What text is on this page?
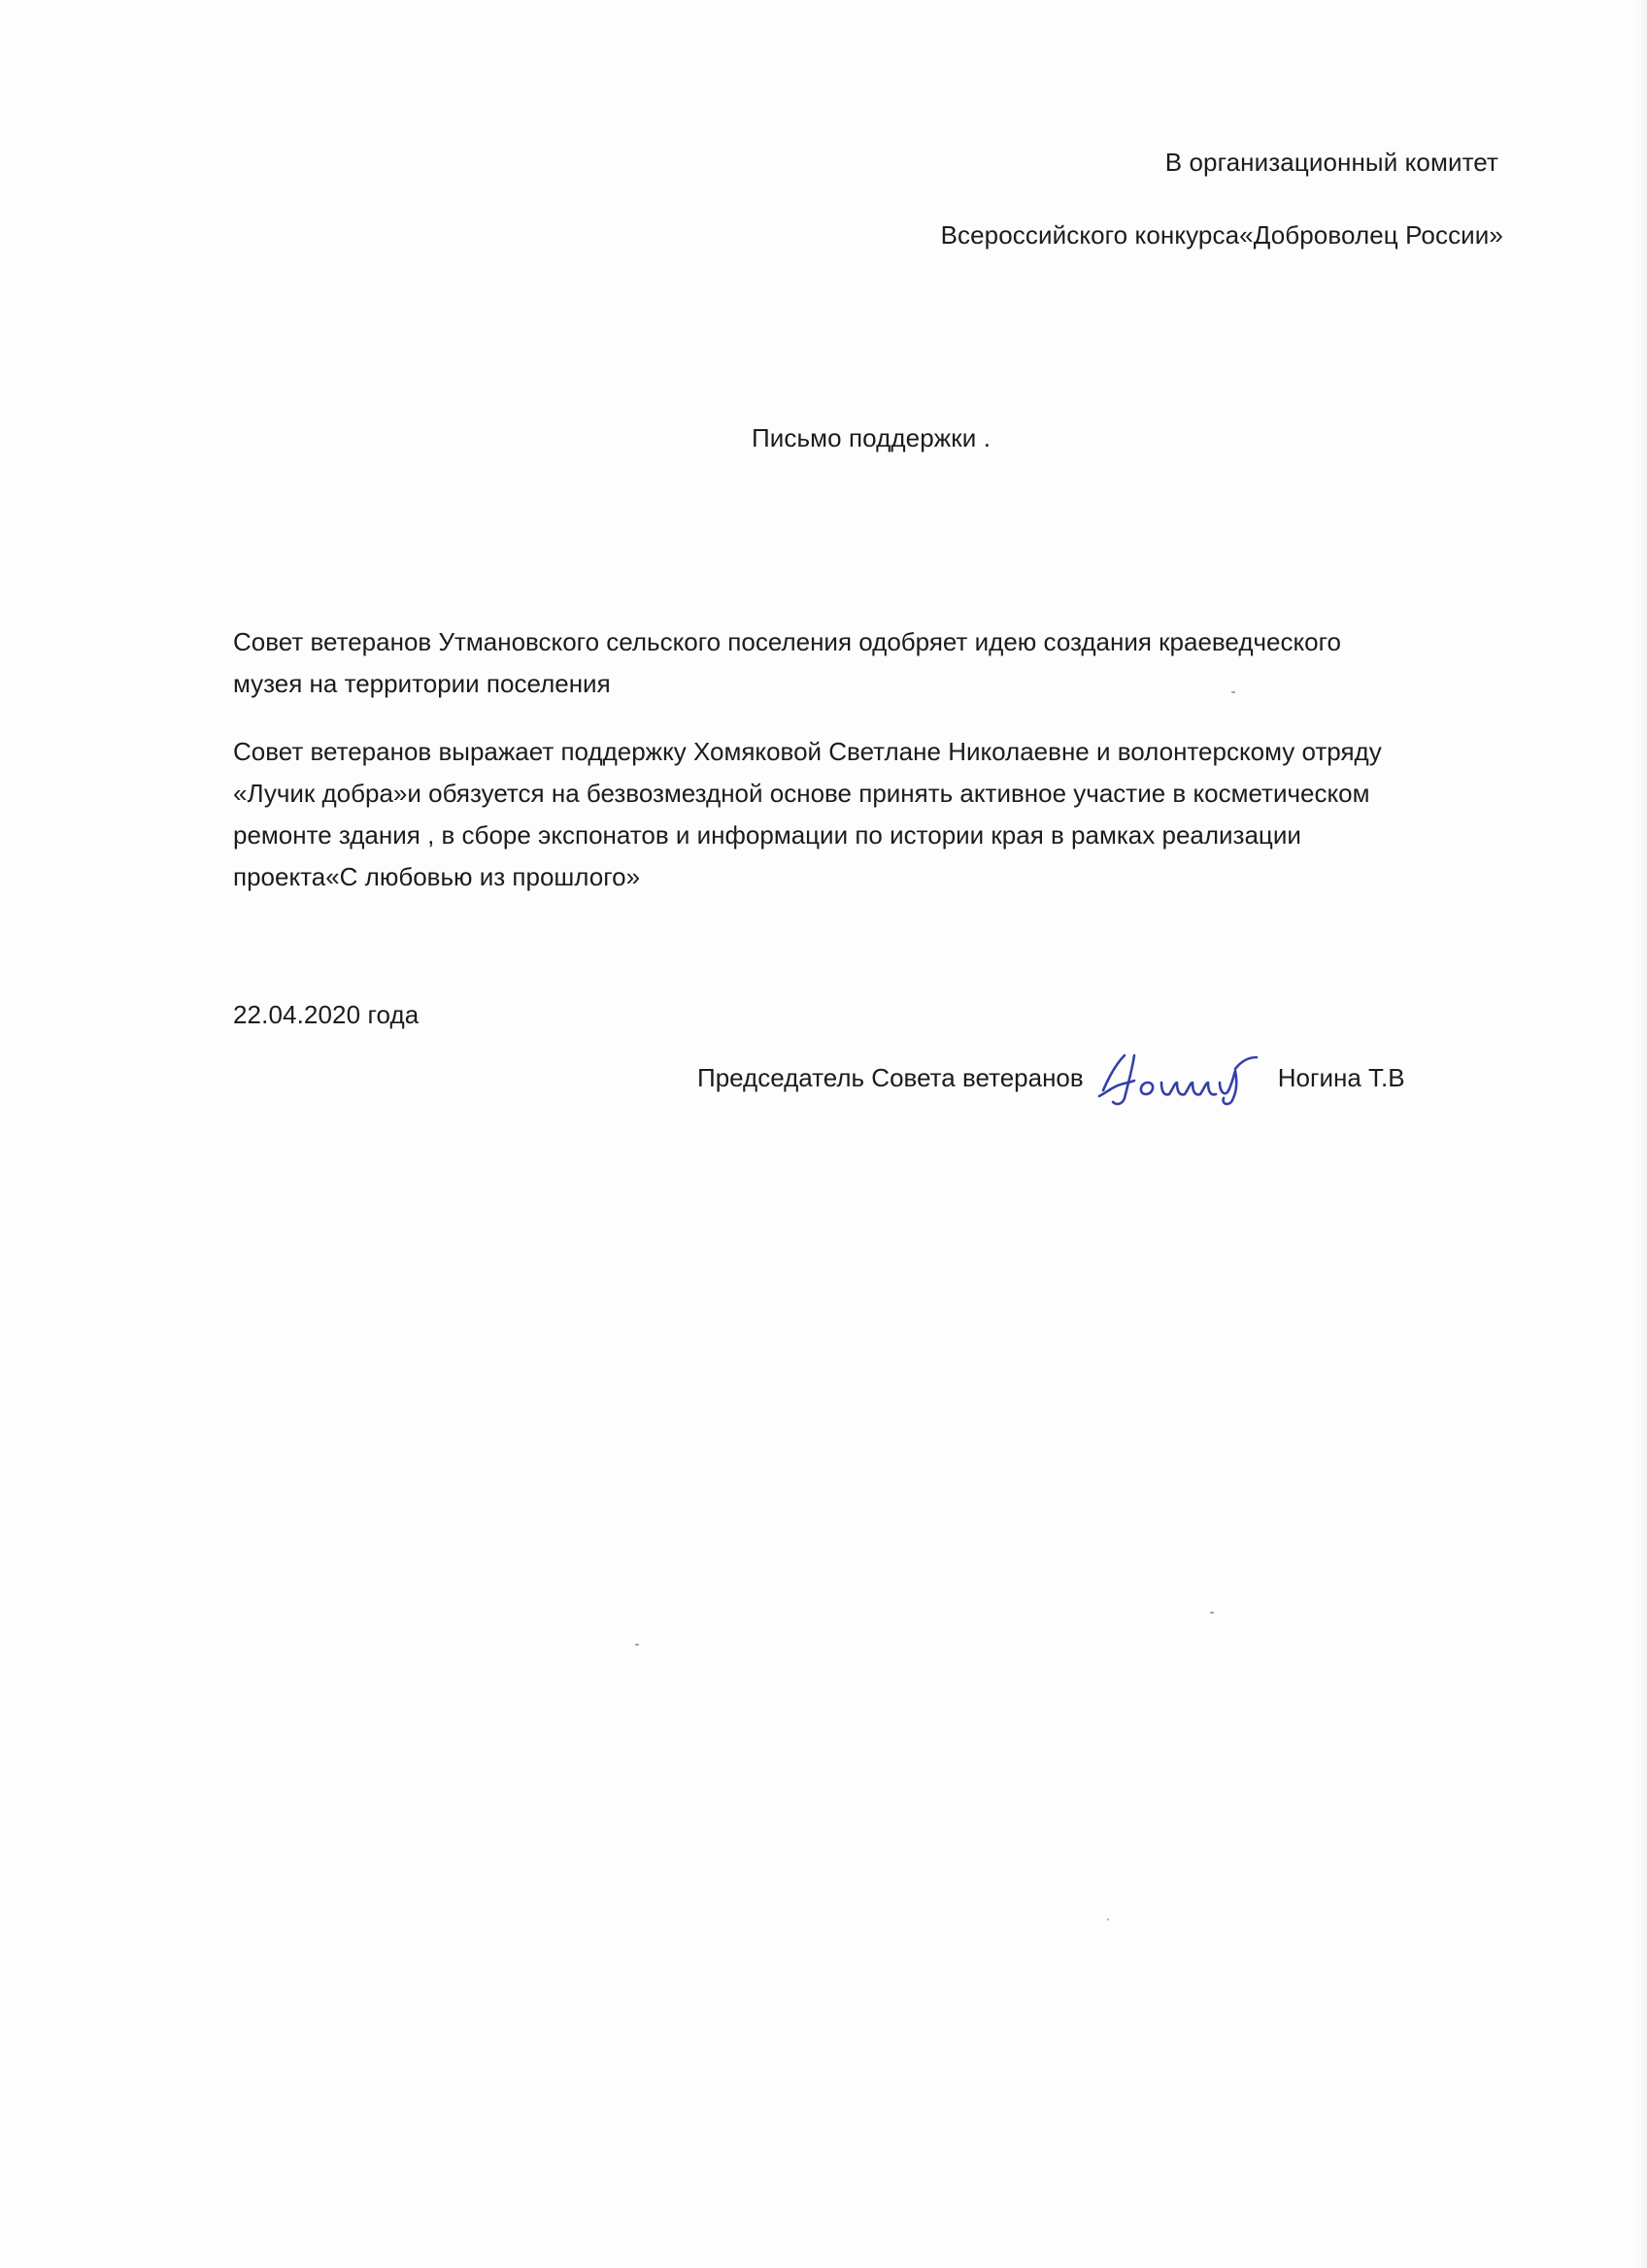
В организационный комитет
Всероссийского конкурса«Доброволец России»
Письмо поддержки .
Совет ветеранов Утмановского сельского поселения одобряет идею создания краеведческого
музея на территории поселения
Совет ветеранов выражает поддержку Хомяковой Светлане Николаевне и волонтерскому отряду
«Лучик добра»и обязуется на безвозмездной основе принять активное участие в косметическом
ремонте здания , в сборе экспонатов и информации по истории края в рамках реализации
проекта«С любовью из прошлого»
22.04.2020 года
Председатель Совета ветеранов	Ногина Т.В
